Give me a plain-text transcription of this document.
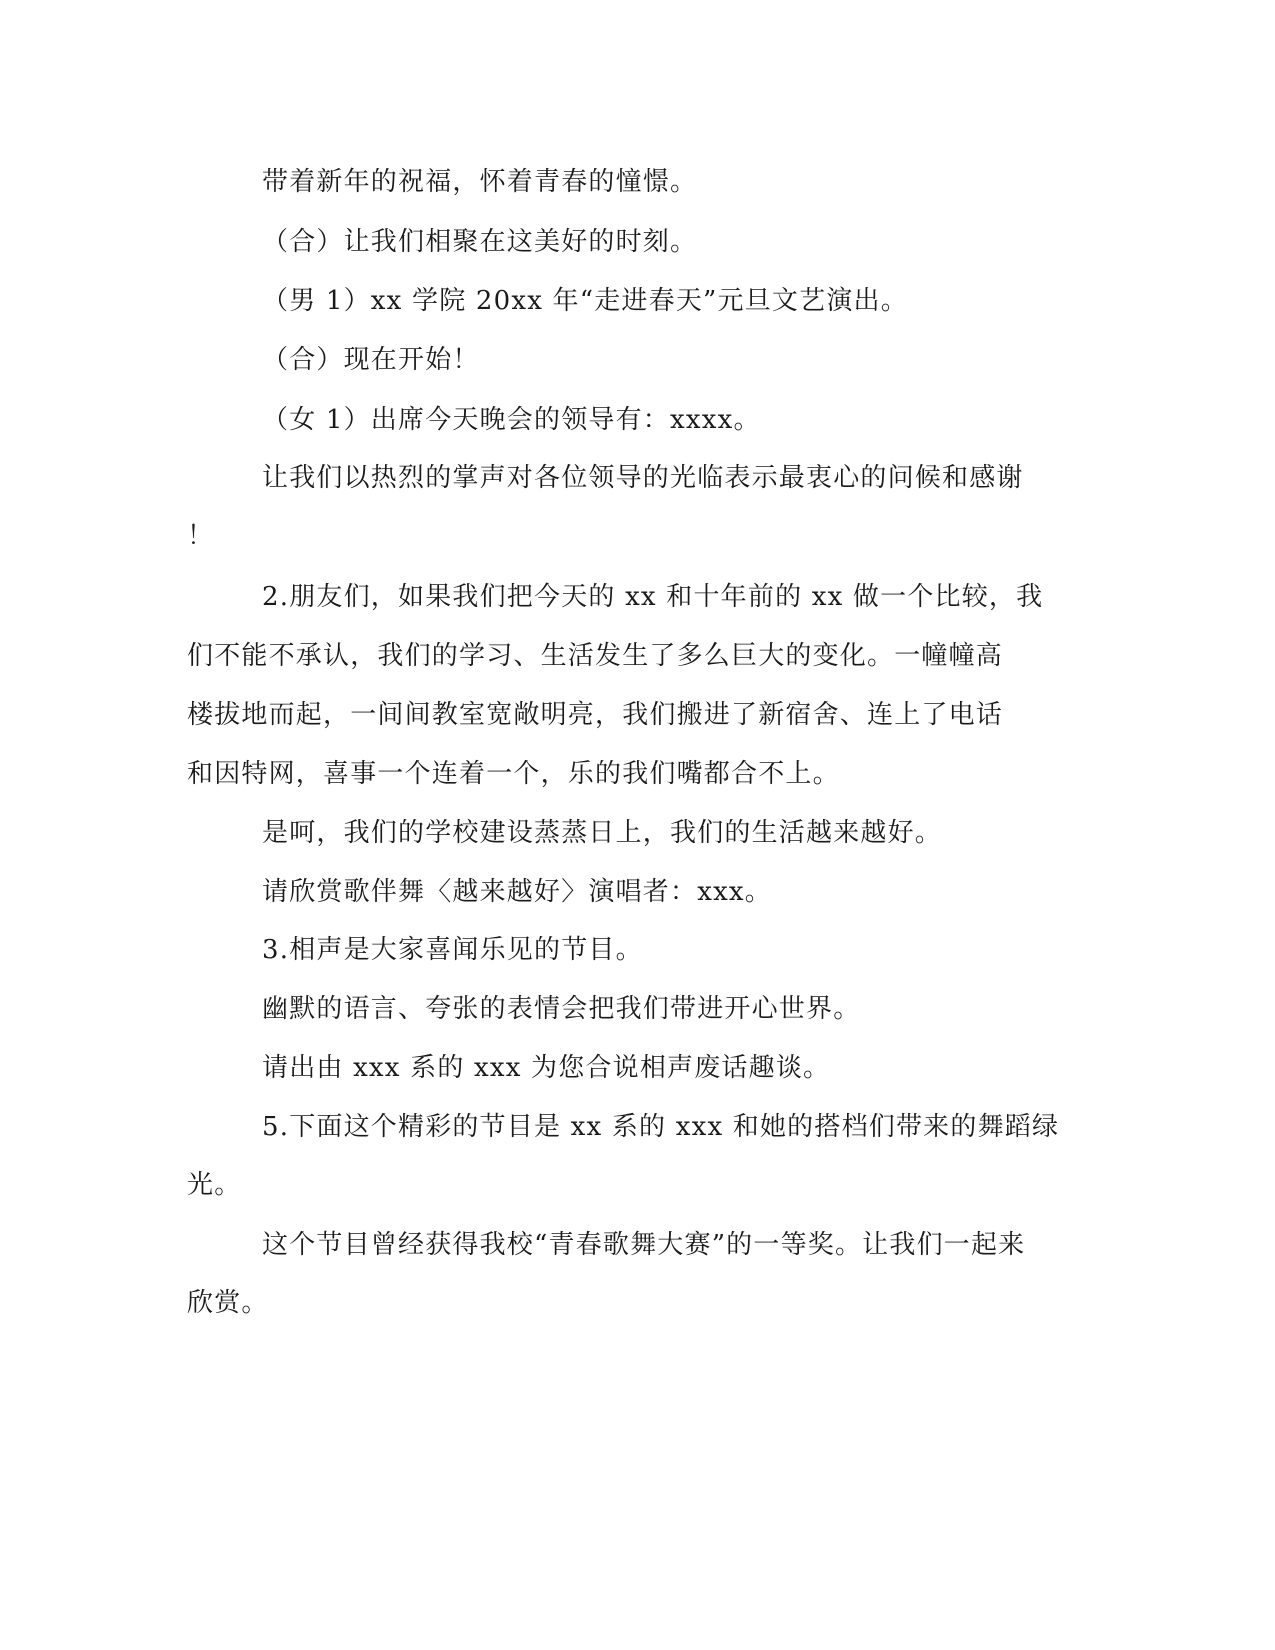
带着新年的祝福，怀着青春的憧憬。
（合）让我们相聚在这美好的时刻。
（男 1）xx 学院 20xx 年“走进春天”元旦文艺演出。
（合）现在开始！
（女 1）出席今天晚会的领导有：xxxx。
让我们以热烈的掌声对各位领导的光临表示最衷心的问候和感谢
！
2.朋友们，如果我们把今天的 xx 和十年前的 xx 做一个比较，我
们不能不承认，我们的学习、生活发生了多么巨大的变化。一幢幢高
楼拔地而起，一间间教室宽敞明亮，我们搬进了新宿舍、连上了电话
和因特网，喜事一个连着一个，乐的我们嘴都合不上。
是呵，我们的学校建设蒸蒸日上，我们的生活越来越好。
请欣赏歌伴舞〈越来越好〉演唱者：xxx。
3.相声是大家喜闻乐见的节目。
幽默的语言、夸张的表情会把我们带进开心世界。
请出由 xxx 系的 xxx 为您合说相声废话趣谈。
5.下面这个精彩的节目是 xx 系的 xxx 和她的搭档们带来的舞蹈绿
光。
这个节目曾经获得我校“青春歌舞大赛”的一等奖。让我们一起来
欣赏。
